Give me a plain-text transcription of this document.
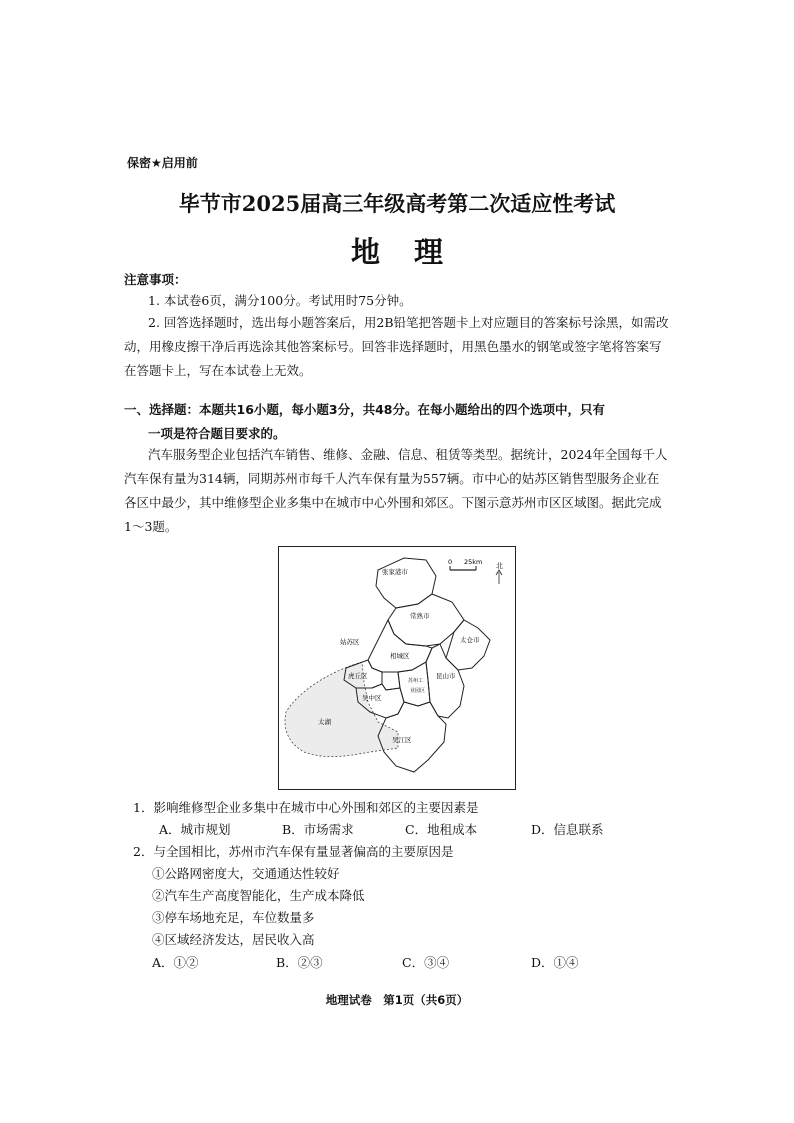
保密★启用前
毕节市2025届高三年级高考第二次适应性考试
地理
注意事项：
1. 本试卷6页，满分100分。考试用时75分钟。
2. 回答选择题时，选出每小题答案后，用2B铅笔把答题卡上对应题目的答案标号涂黑，如需改动，用橡皮擦干净后再选涂其他答案标号。回答非选择题时，用黑色墨水的钢笔或签字笔将答案写在答题卡上，写在本试卷上无效。
一、选择题：本题共16小题，每小题3分，共48分。在每小题给出的四个选项中，只有
一项是符合题目要求的。
汽车服务型企业包括汽车销售、维修、金融、信息、租赁等类型。据统计，2024年全国每千人汽车保有量为314辆，同期苏州市每千人汽车保有量为557辆。市中心的姑苏区销售型服务企业在各区中最少，其中维修型企业多集中在城市中心外围和郊区。下图示意苏州市区区域图。据此完成1～3题。
0 25km 北
张家港市
常熟市
太仓市
姑苏区
相城区
虎丘区
苏州工
业园区
昆山市
吴中区
太湖
吴江区
1．影响维修型企业多集中在城市中心外围和郊区的主要因素是
A．城市规划	B．市场需求	C．地租成本	D．信息联系
2．与全国相比，苏州市汽车保有量显著偏高的主要原因是
①公路网密度大，交通通达性较好
②汽车生产高度智能化，生产成本降低
③停车场地充足，车位数量多
④区域经济发达，居民收入高
A．①②	B．②③	C．③④	D．①④
地理试卷　第1页（共6页）
